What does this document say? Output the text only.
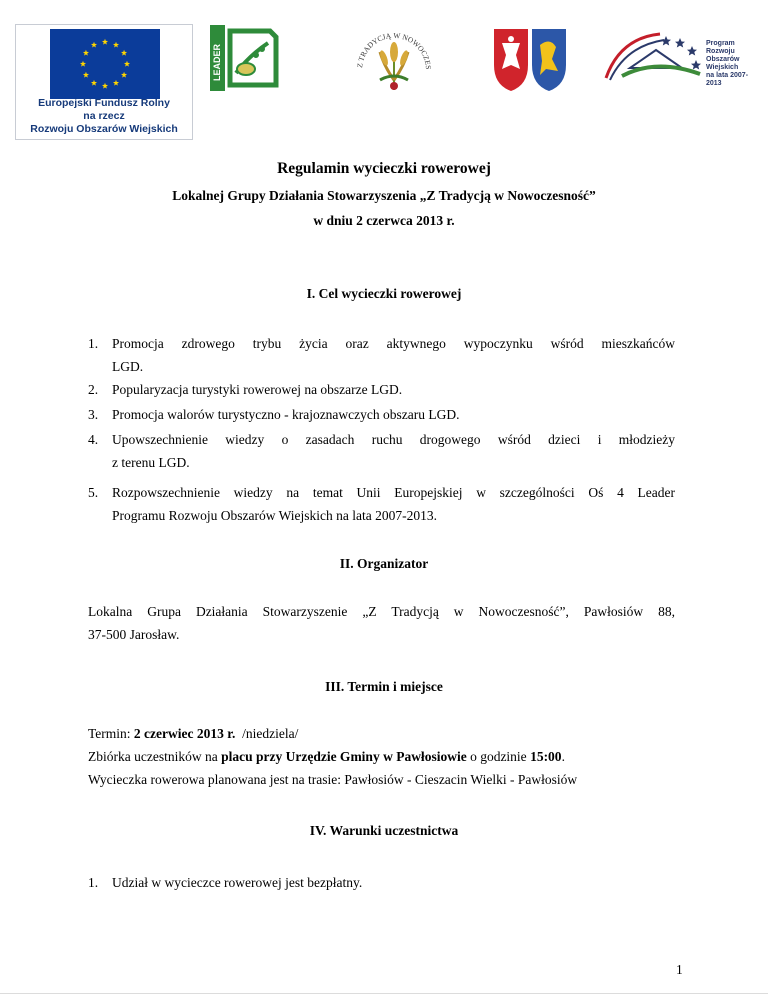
Europejski Fundusz Rolny
na rzecz
Rozwoju Obszarów Wiejskich
LEADER	Z TRADYCJĄ W NOWOCZES
Program
Rozwoju
Obszarów
Wiejskich
na lata 2007-2013
Regulamin wycieczki rowerowej
Lokalnej Grupy Działania Stowarzyszenia „Z Tradycją w Nowoczesność”
w dniu 2 czerwca 2013 r.
I. Cel wycieczki rowerowej
1. Promocja zdrowego trybu życia oraz aktywnego wypoczynku wśród mieszkańców
LGD.
2. Popularyzacja turystyki rowerowej na obszarze LGD.
3. Promocja walorów turystyczno - krajoznawczych obszaru LGD.
4. Upowszechnienie wiedzy o zasadach ruchu drogowego wśród dzieci i młodzieży
z terenu LGD.
5. Rozpowszechnienie wiedzy na temat Unii Europejskiej w szczególności Oś 4 Leader
Programu Rozwoju Obszarów Wiejskich na lata 2007-2013.
II. Organizator
Lokalna Grupa Działania Stowarzyszenie „Z Tradycją w Nowoczesność”, Pawłosiów 88,
37-500 Jarosław.
III. Termin i miejsce
Termin: 2 czerwiec 2013 r.  /niedziela/
Zbiórka uczestników na placu przy Urzędzie Gminy w Pawłosiowie o godzinie 15:00.
Wycieczka rowerowa planowana jest na trasie: Pawłosiów - Cieszacin Wielki - Pawłosiów
IV. Warunki uczestnictwa
1. Udział w wycieczce rowerowej jest bezpłatny.
1
